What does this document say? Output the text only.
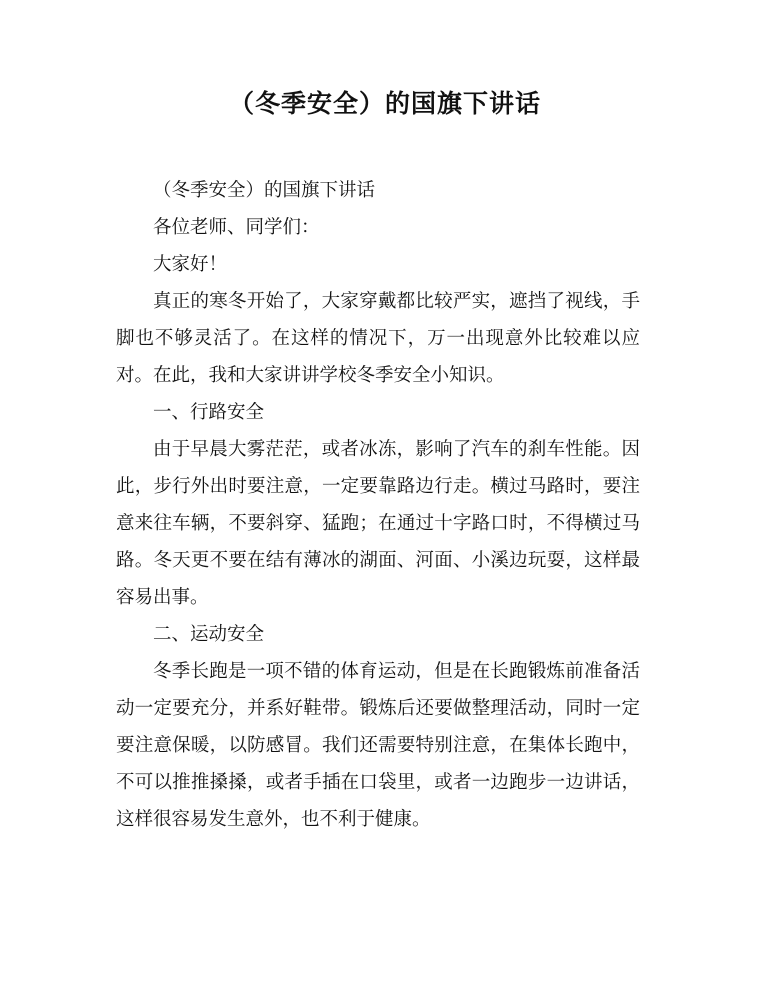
（冬季安全）的国旗下讲话

（冬季安全）的国旗下讲话

各位老师、同学们：

大家好！

真正的寒冬开始了，大家穿戴都比较严实，遮挡了视线，手脚也不够灵活了。在这样的情况下，万一出现意外比较难以应对。在此，我和大家讲讲学校冬季安全小知识。

一、行路安全

由于早晨大雾茫茫，或者冰冻，影响了汽车的刹车性能。因此，步行外出时要注意，一定要靠路边行走。横过马路时，要注意来往车辆，不要斜穿、猛跑；在通过十字路口时，不得横过马路。冬天更不要在结有薄冰的湖面、河面、小溪边玩耍，这样最容易出事。

二、运动安全

冬季长跑是一项不错的体育运动，但是在长跑锻炼前准备活动一定要充分，并系好鞋带。锻炼后还要做整理活动，同时一定要注意保暖，以防感冒。我们还需要特别注意，在集体长跑中，不可以推推搡搡，或者手插在口袋里，或者一边跑步一边讲话，这样很容易发生意外，也不利于健康。
